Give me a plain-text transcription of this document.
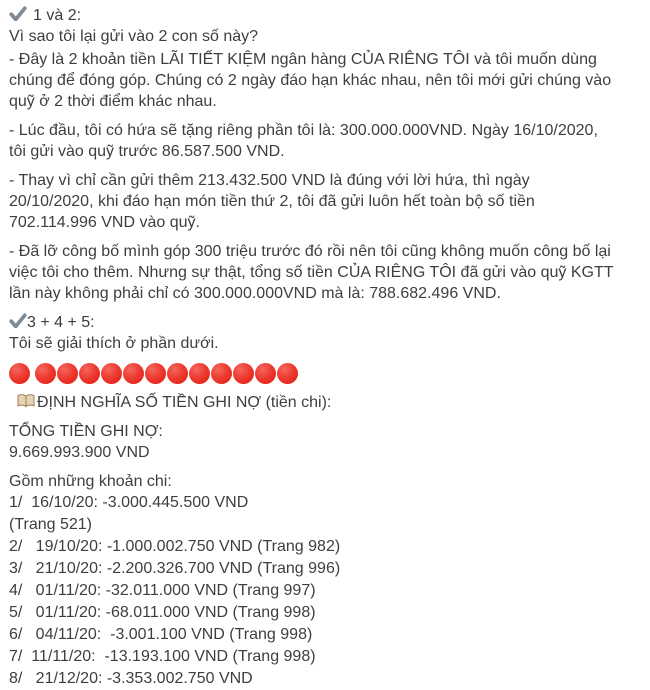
1 và 2:
Vì sao tôi lại gửi vào 2 con số này?

- Đây là 2 khoản tiền LÃI TIẾT KIỆM ngân hàng CỦA RIÊNG TÔI và tôi muốn dùng chúng để đóng góp. Chúng có 2 ngày đáo hạn khác nhau, nên tôi mới gửi chúng vào quỹ ở 2 thời điểm khác nhau.

- Lúc đầu, tôi có hứa sẽ tặng riêng phần tôi là: 300.000.000VND. Ngày 16/10/2020, tôi gửi vào quỹ trước 86.587.500 VND.

- Thay vì chỉ cần gửi thêm 213.432.500 VND là đúng với lời hứa, thì ngày 20/10/2020, khi đáo hạn món tiền thứ 2, tôi đã gửi luôn hết toàn bộ số tiền 702.114.996 VND vào quỹ.

- Đã lỡ công bố mình góp 300 triệu trước đó rồi nên tôi cũng không muốn công bố lại việc tôi cho thêm. Nhưng sự thật, tổng số tiền CỦA RIÊNG TÔI đã gửi vào quỹ KGTT lần này không phải chỉ có 300.000.000VND mà là: 788.682.496 VND.

3 + 4 + 5:
Tôi sẽ giải thích ở phần dưới.

ĐỊNH NGHĨA SỐ TIỀN GHI NỢ (tiền chi):
TỔNG TIỀN GHI NỢ:
9.669.993.900 VND
Gồm những khoản chi:
1/  16/10/20: -3.000.445.500 VND
(Trang 521)
2/   19/10/20: -1.000.002.750 VND (Trang 982)
3/   21/10/20: -2.200.326.700 VND (Trang 996)
4/   01/11/20: -32.011.000 VND (Trang 997)
5/   01/11/20: -68.011.000 VND (Trang 998)
6/   04/11/20:  -3.001.100 VND (Trang 998)
7/  11/11/20:  -13.193.100 VND (Trang 998)
8/   21/12/20: -3.353.002.750 VND
